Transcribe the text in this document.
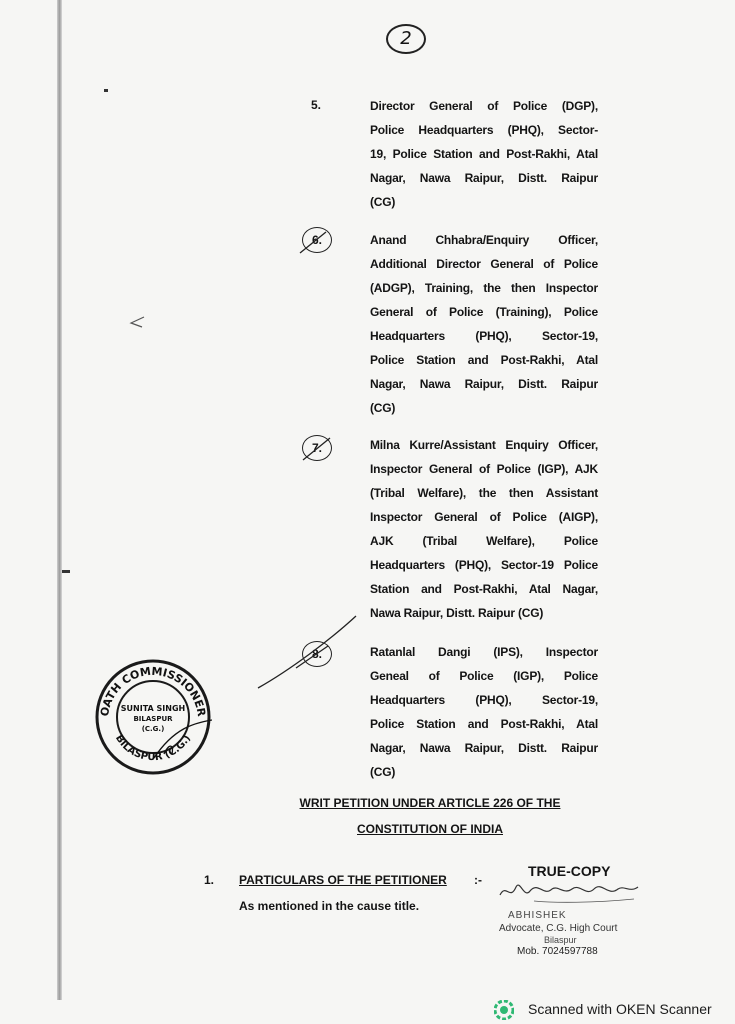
2
5.	Director General of Police (DGP),
Police Headquarters (PHQ), Sector-
19, Police Station and Post-Rakhi, Atal
Nagar, Nawa Raipur, Distt. Raipur
(CG)
6.	Anand Chhabra/Enquiry Officer,
Additional Director General of Police
(ADGP), Training, the then Inspector
General of Police (Training), Police
Headquarters (PHQ), Sector-19,
Police Station and Post-Rakhi, Atal
Nagar, Nawa Raipur, Distt. Raipur
(CG)
7.	Milna Kurre/Assistant Enquiry Officer,
Inspector General of Police (IGP), AJK
(Tribal Welfare), the then Assistant
Inspector General of Police (AIGP),
AJK (Tribal Welfare), Police
Headquarters (PHQ), Sector-19 Police
Station and Post-Rakhi, Atal Nagar,
Nawa Raipur, Distt. Raipur (CG)
8.	Ratanlal Dangi (IPS), Inspector
Geneal of Police (IGP), Police
Headquarters (PHQ), Sector-19,
Police Station and Post-Rakhi, Atal
Nagar, Nawa Raipur, Distt. Raipur
(CG)
OATH COMMISSIONER
SUNITA SINGH
BILASPUR
(C.G.)
BILASPUR (C.G.)
WRIT PETITION UNDER ARTICLE 226 OF THE
CONSTITUTION OF INDIA
1. PARTICULARS OF THE PETITIONER :-
As mentioned in the cause title.
TRUE-COPY
ABHISHEK
Advocate, C.G. High Court
Bilaspur
Mob. 7024597788
Scanned with OKEN Scanner
